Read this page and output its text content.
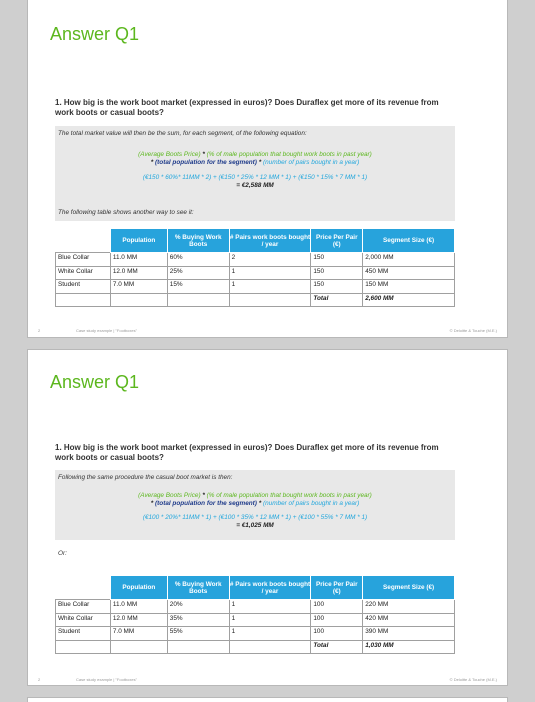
Answer Q1
1. How big is the work boot market (expressed in euros)? Does Duraflex get more of its revenue from work boots or casual boots?
The total market value will then be the sum, for each segment, of the following equation:
(Average Boots Price) * (% of male population that bought work boots in past year)
* (total population for the segment) * (number of pairs bought in a year)
(€150 * 60%* 11MM * 2) + (€150 * 25% * 12 MM * 1) + (€150 * 15% * 7 MM * 1)
= €2,588 MM
The following table shows another way to see it:
	Population	% Buying Work Boots	# Pairs work boots bought / year	Price Per Pair (€)	Segment Size (€)
Blue Collar	11.0 MM	60%	2	150	2,000 MM
White Collar	12.0 MM	25%	1	150	450 MM
Student	7.0 MM	15%	1	150	150 MM
				Total	2,600 MM
2	Case study example | "Footboxes"	© Deloitte & Touche (M.E.)
Answer Q1
1. How big is the work boot market (expressed in euros)? Does Duraflex get more of its revenue from work boots or casual boots?
Following the same procedure the casual boot market is then:
(Average Boots Price) * (% of male population that bought work boots in past year)
* (total population for the segment) * (number of pairs bought in a year)
(€100 * 20%* 11MM * 1) + (€100 * 35% * 12 MM * 1) + (€100 * 55% * 7 MM * 1)
= €1,025 MM
Or:
	Population	% Buying Work Boots	# Pairs work boots bought / year	Price Per Pair (€)	Segment Size (€)
Blue Collar	11.0 MM	20%	1	100	220 MM
White Collar	12.0 MM	35%	1	100	420 MM
Student	7.0 MM	55%	1	100	390 MM
				Total	1,030 MM
2	Case study example | "Footboxes"	© Deloitte & Touche (M.E.)
